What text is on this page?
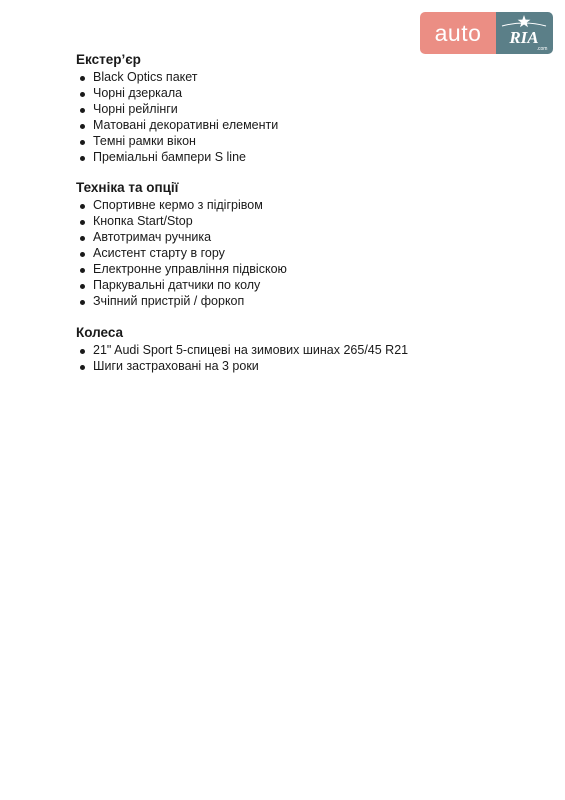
auto	RIA
.com
Екстер’єр
Black Optics пакет
Чорні дзеркала
Чорні рейлінги
Матовані декоративні елементи
Темні рамки вікон
Преміальні бампери S line
Техніка та опції
Спортивне кермо з підігрівом
Кнопка Start/Stop
Автотримач ручника
Асистент старту в гору
Електронне управління підвіскою
Паркувальні датчики по колу
Зчіпний пристрій / форкоп
Колеса
21" Audi Sport 5-спицеві на зимових шинах 265/45 R21
Шиги застраховані на 3 роки
